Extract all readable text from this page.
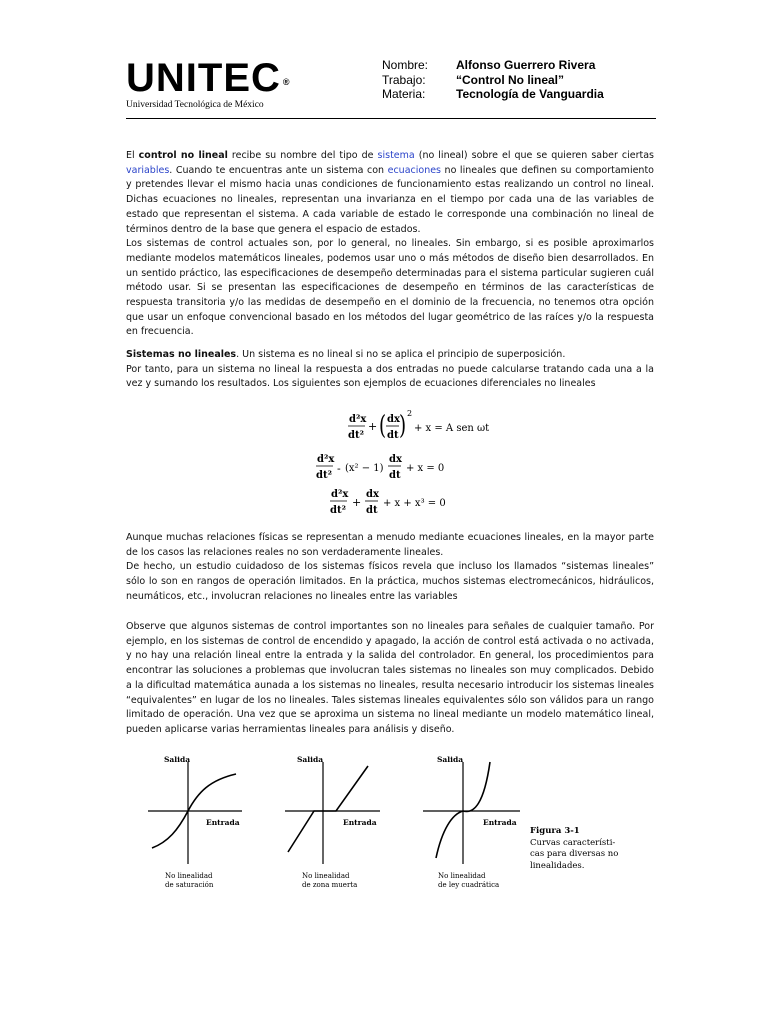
UNITEC ®
Universidad Tecnológica de México
Nombre:	Alfonso Guerrero Rivera
Trabajo:	“Control No lineal”
Materia:	Tecnología de Vanguardia

El control no lineal recibe su nombre del tipo de sistema (no lineal) sobre el que se quieren saber ciertas variables. Cuando te encuentras ante un sistema con ecuaciones no lineales que definen su comportamiento y pretendes llevar el mismo hacia unas condiciones de funcionamiento estas realizando un control no lineal. Dichas ecuaciones no lineales, representan una invarianza en el tiempo por cada una de las variables de estado que representan el sistema. A cada variable de estado le corresponde una combinación no lineal de términos dentro de la base que genera el espacio de estados.

Los sistemas de control actuales son, por lo general, no lineales. Sin embargo, si es posible aproximarlos mediante modelos matemáticos lineales, podemos usar uno o más métodos de diseño bien desarrollados. En un sentido práctico, las especificaciones de desempeño determinadas para el sistema particular sugieren cuál método usar. Si se presentan las especificaciones de desempeño en términos de las características de respuesta transitoria y/o las medidas de desempeño en el dominio de la frecuencia, no tenemos otra opción que usar un enfoque convencional basado en los métodos del lugar geométrico de las raíces y/o la respuesta en frecuencia.

Sistemas no lineales. Un sistema es no lineal si no se aplica el principio de superposición.

Por tanto, para un sistema no lineal la respuesta a dos entradas no puede calcularse tratando cada una a la vez y sumando los resultados. Los siguientes son ejemplos de ecuaciones diferenciales no lineales

d²x
dt²
+ ( dx
dt ) 2
+ x = A sen ωt
d²x
dt²
- (x² − 1)
dx
dt
+ x = 0
d²x
dt²
+
dx
dt
+ x + x³ = 0

Aunque muchas relaciones físicas se representan a menudo mediante ecuaciones lineales, en la mayor parte de los casos las relaciones reales no son verdaderamente lineales.

De hecho, un estudio cuidadoso de los sistemas físicos revela que incluso los llamados “sistemas lineales” sólo lo son en rangos de operación limitados. En la práctica, muchos sistemas electromecánicos, hidráulicos, neumáticos, etc., involucran relaciones no lineales entre las variables

Observe que algunos sistemas de control importantes son no lineales para señales de cualquier tamaño. Por ejemplo, en los sistemas de control de encendido y apagado, la acción de control está activada o no activada, y no hay una relación lineal entre la entrada y la salida del controlador. En general, los procedimientos para encontrar las soluciones a problemas que involucran tales sistemas no lineales son muy complicados. Debido a la dificultad matemática aunada a los sistemas no lineales, resulta necesario introducir los sistemas lineales “equivalentes” en lugar de los no lineales. Tales sistemas lineales equivalentes sólo son válidos para un rango limitado de operación. Una vez que se aproxima un sistema no lineal mediante un modelo matemático lineal, pueden aplicarse varias herramientas lineales para análisis y diseño.

Salida
Entrada
No linealidad
de saturación
Salida
Entrada
No linealidad
de zona muerta
Salida
Entrada
No linealidad
de ley cuadrática
Figura 3-1
Curvas característi-
cas para diversas no
linealidades.
